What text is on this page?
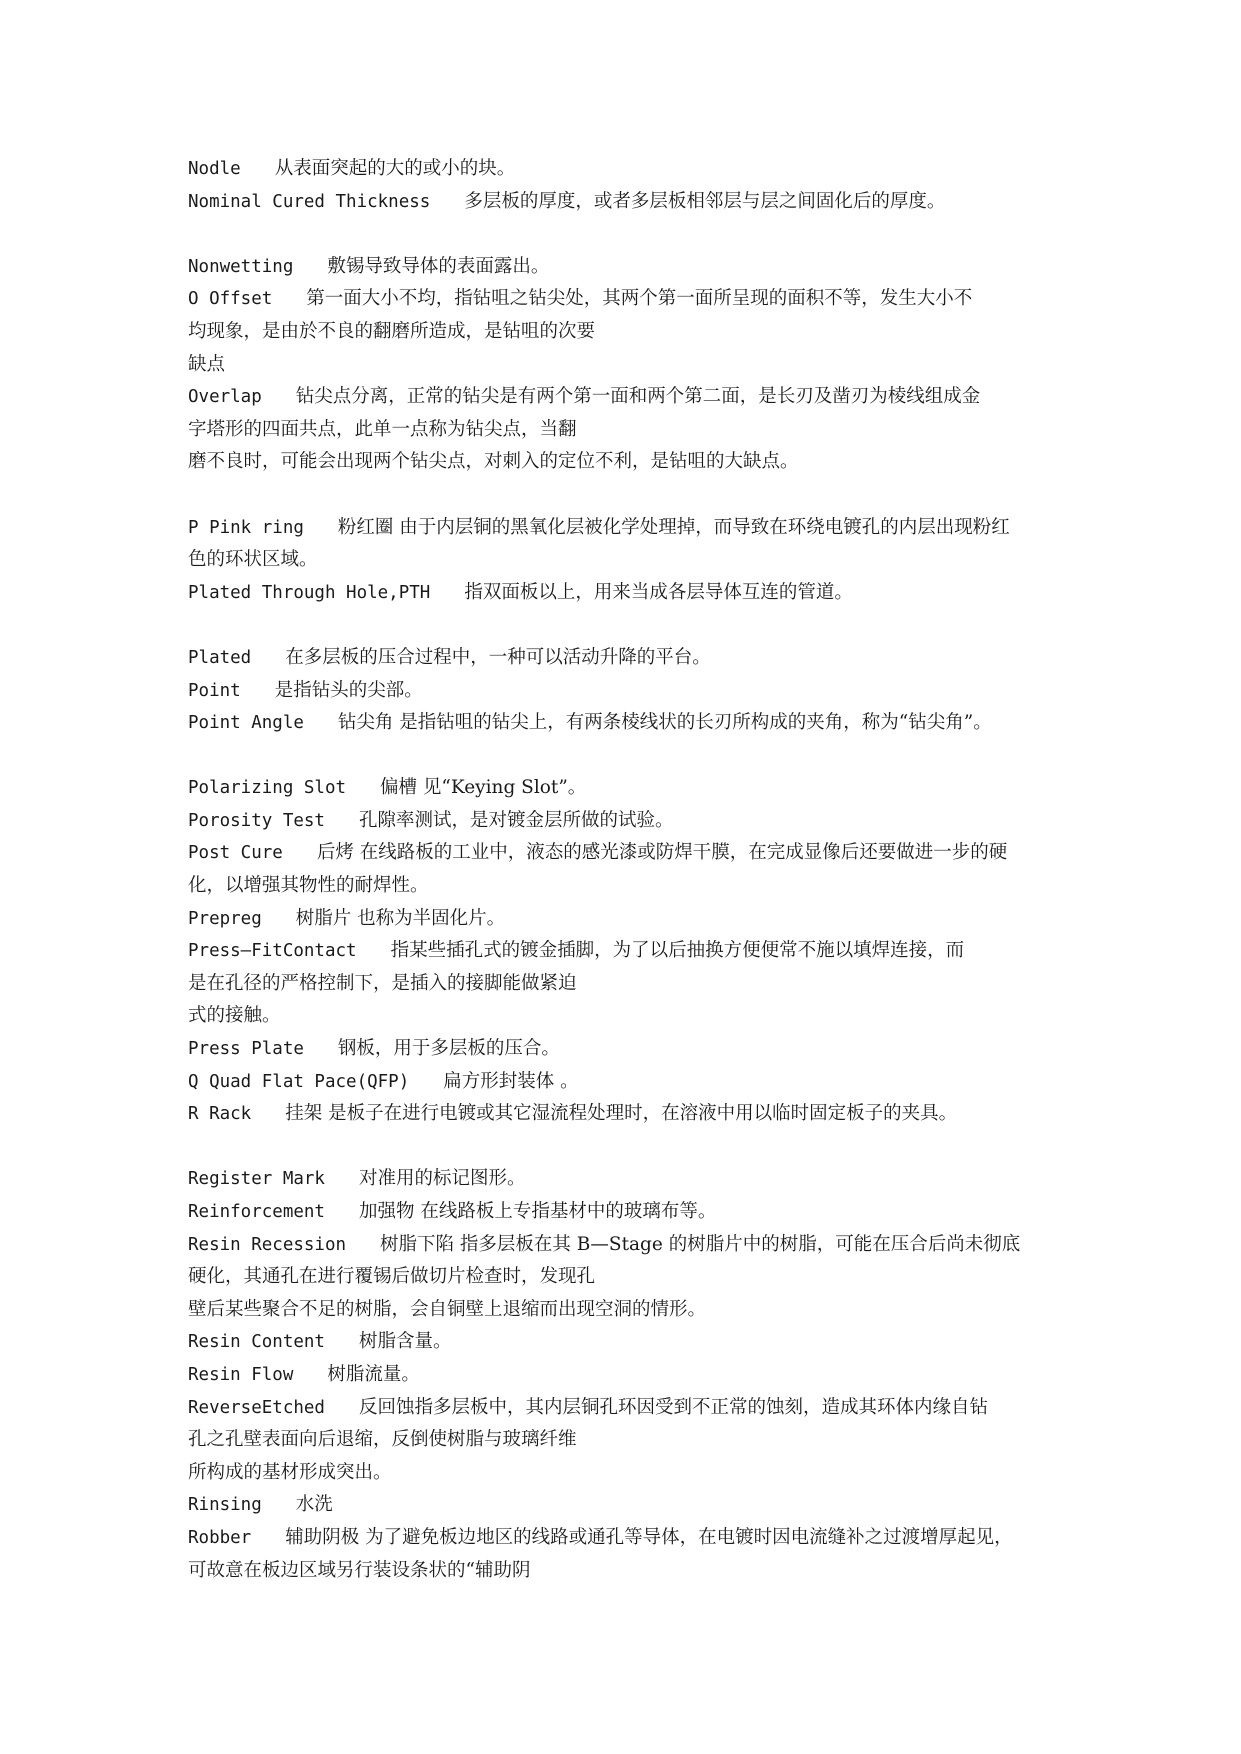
Nodle 从表面突起的大的或小的块。
Nominal Cured Thickness 多层板的厚度，或者多层板相邻层与层之间固化后的厚度。
Nonwetting 敷锡导致导体的表面露出。
O Offset 第一面大小不均，指钻咀之钻尖处，其两个第一面所呈现的面积不等，发生大小不
均现象，是由於不良的翻磨所造成，是钻咀的次要
缺点
Overlap 钻尖点分离，正常的钻尖是有两个第一面和两个第二面，是长刃及凿刃为棱线组成金
字塔形的四面共点，此单一点称为钻尖点，当翻
磨不良时，可能会出现两个钻尖点，对刺入的定位不利，是钻咀的大缺点。
P Pink ring 粉红圈 由于内层铜的黑氧化层被化学处理掉，而导致在环绕电镀孔的内层出现粉红
色的环状区域。
Plated Through Hole,PTH 指双面板以上，用来当成各层导体互连的管道。
Plated 在多层板的压合过程中，一种可以活动升降的平台。
Point 是指钻头的尖部。
Point Angle 钻尖角 是指钻咀的钻尖上，有两条棱线状的长刃所构成的夹角，称为“钻尖角”。
Polarizing Slot 偏槽 见“Keying Slot”。
Porosity Test 孔隙率测试，是对镀金层所做的试验。
Post Cure 后烤 在线路板的工业中，液态的感光漆或防焊干膜，在完成显像后还要做进一步的硬
化，以增强其物性的耐焊性。
Prepreg 树脂片 也称为半固化片。
Press—FitContact 指某些插孔式的镀金插脚，为了以后抽换方便便常不施以填焊连接，而
是在孔径的严格控制下，是插入的接脚能做紧迫
式的接触。
Press Plate 钢板，用于多层板的压合。
Q Quad Flat Pace(QFP) 扁方形封装体 。
R Rack 挂架 是板子在进行电镀或其它湿流程处理时，在溶液中用以临时固定板子的夹具。
Register Mark 对准用的标记图形。
Reinforcement 加强物 在线路板上专指基材中的玻璃布等。
Resin Recession 树脂下陷 指多层板在其 B—Stage 的树脂片中的树脂，可能在压合后尚未彻底
硬化，其通孔在进行覆锡后做切片检查时，发现孔
壁后某些聚合不足的树脂，会自铜壁上退缩而出现空洞的情形。
Resin Content 树脂含量。
Resin Flow 树脂流量。
ReverseEtched 反回蚀指多层板中，其内层铜孔环因受到不正常的蚀刻，造成其环体内缘自钻
孔之孔壁表面向后退缩，反倒使树脂与玻璃纤维
所构成的基材形成突出。
Rinsing 水洗
Robber 辅助阴极 为了避免板边地区的线路或通孔等导体，在电镀时因电流缝补之过渡增厚起见，
可故意在板边区域另行装设条状的“辅助阴
